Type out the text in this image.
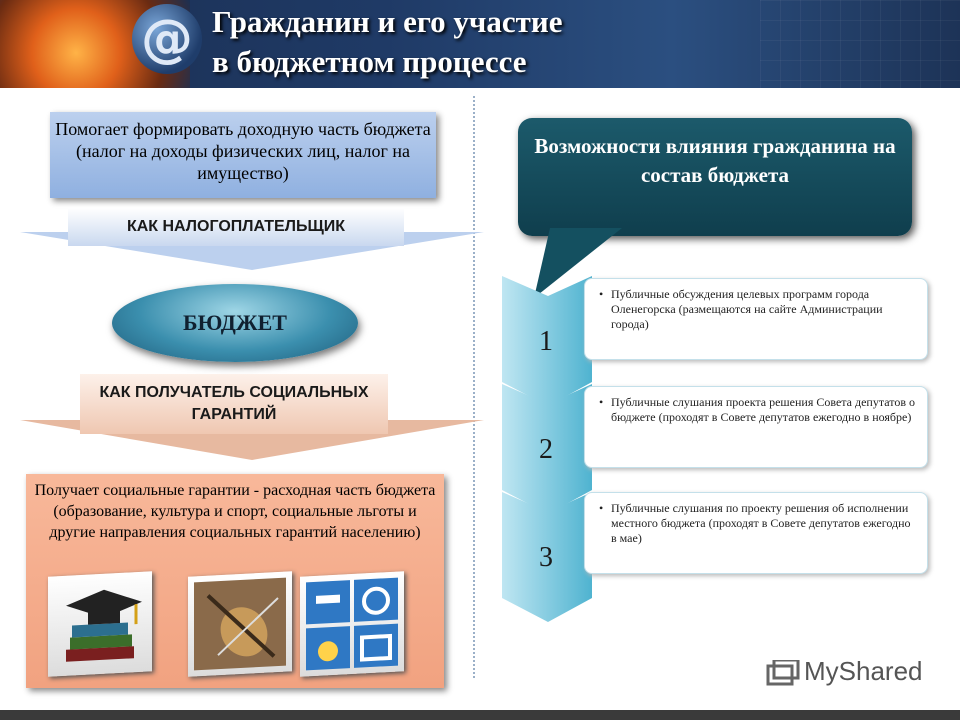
@ Гражданин и его участие
в бюджетном процессе
Помогает формировать доходную часть бюджета (налог на доходы физических лиц, налог на имущество)
КАК НАЛОГОПЛАТЕЛЬЩИК
БЮДЖЕТ
КАК ПОЛУЧАТЕЛЬ СОЦИАЛЬНЫХ ГАРАНТИЙ
Получает социальные гарантии - расходная часть бюджета (образование, культура и спорт, социальные льготы и другие направления социальных гарантий населению)
Возможности влияния гражданина на состав бюджета
1
2
3
• Публичные обсуждения целевых программ города Оленегорска (размещаются на сайте Администрации города)
• Публичные слушания проекта решения Совета депутатов о бюджете (проходят в Совете депутатов ежегодно в ноябре)
• Публичные слушания по проекту решения об исполнении местного бюджета (проходят в Совете депутатов ежегодно в мае)
MyShared
